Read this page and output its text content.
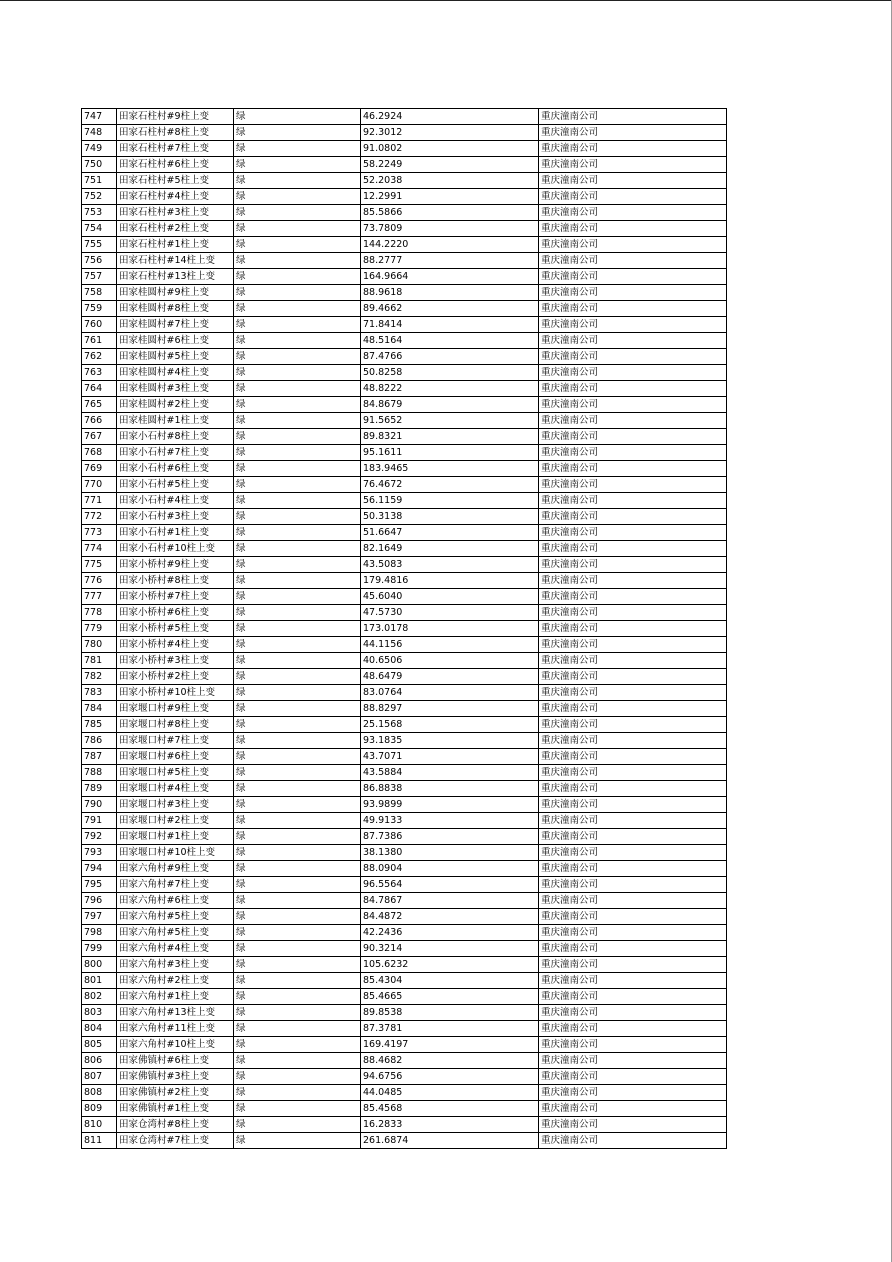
747	田家石柱村#9柱上变	绿	46.2924	重庆潼南公司
748	田家石柱村#8柱上变	绿	92.3012	重庆潼南公司
749	田家石柱村#7柱上变	绿	91.0802	重庆潼南公司
750	田家石柱村#6柱上变	绿	58.2249	重庆潼南公司
751	田家石柱村#5柱上变	绿	52.2038	重庆潼南公司
752	田家石柱村#4柱上变	绿	12.2991	重庆潼南公司
753	田家石柱村#3柱上变	绿	85.5866	重庆潼南公司
754	田家石柱村#2柱上变	绿	73.7809	重庆潼南公司
755	田家石柱村#1柱上变	绿	144.2220	重庆潼南公司
756	田家石柱村#14柱上变	绿	88.2777	重庆潼南公司
757	田家石柱村#13柱上变	绿	164.9664	重庆潼南公司
758	田家桂圆村#9柱上变	绿	88.9618	重庆潼南公司
759	田家桂圆村#8柱上变	绿	89.4662	重庆潼南公司
760	田家桂圆村#7柱上变	绿	71.8414	重庆潼南公司
761	田家桂圆村#6柱上变	绿	48.5164	重庆潼南公司
762	田家桂圆村#5柱上变	绿	87.4766	重庆潼南公司
763	田家桂圆村#4柱上变	绿	50.8258	重庆潼南公司
764	田家桂圆村#3柱上变	绿	48.8222	重庆潼南公司
765	田家桂圆村#2柱上变	绿	84.8679	重庆潼南公司
766	田家桂圆村#1柱上变	绿	91.5652	重庆潼南公司
767	田家小石村#8柱上变	绿	89.8321	重庆潼南公司
768	田家小石村#7柱上变	绿	95.1611	重庆潼南公司
769	田家小石村#6柱上变	绿	183.9465	重庆潼南公司
770	田家小石村#5柱上变	绿	76.4672	重庆潼南公司
771	田家小石村#4柱上变	绿	56.1159	重庆潼南公司
772	田家小石村#3柱上变	绿	50.3138	重庆潼南公司
773	田家小石村#1柱上变	绿	51.6647	重庆潼南公司
774	田家小石村#10柱上变	绿	82.1649	重庆潼南公司
775	田家小桥村#9柱上变	绿	43.5083	重庆潼南公司
776	田家小桥村#8柱上变	绿	179.4816	重庆潼南公司
777	田家小桥村#7柱上变	绿	45.6040	重庆潼南公司
778	田家小桥村#6柱上变	绿	47.5730	重庆潼南公司
779	田家小桥村#5柱上变	绿	173.0178	重庆潼南公司
780	田家小桥村#4柱上变	绿	44.1156	重庆潼南公司
781	田家小桥村#3柱上变	绿	40.6506	重庆潼南公司
782	田家小桥村#2柱上变	绿	48.6479	重庆潼南公司
783	田家小桥村#10柱上变	绿	83.0764	重庆潼南公司
784	田家堰口村#9柱上变	绿	88.8297	重庆潼南公司
785	田家堰口村#8柱上变	绿	25.1568	重庆潼南公司
786	田家堰口村#7柱上变	绿	93.1835	重庆潼南公司
787	田家堰口村#6柱上变	绿	43.7071	重庆潼南公司
788	田家堰口村#5柱上变	绿	43.5884	重庆潼南公司
789	田家堰口村#4柱上变	绿	86.8838	重庆潼南公司
790	田家堰口村#3柱上变	绿	93.9899	重庆潼南公司
791	田家堰口村#2柱上变	绿	49.9133	重庆潼南公司
792	田家堰口村#1柱上变	绿	87.7386	重庆潼南公司
793	田家堰口村#10柱上变	绿	38.1380	重庆潼南公司
794	田家六角村#9柱上变	绿	88.0904	重庆潼南公司
795	田家六角村#7柱上变	绿	96.5564	重庆潼南公司
796	田家六角村#6柱上变	绿	84.7867	重庆潼南公司
797	田家六角村#5柱上变	绿	84.4872	重庆潼南公司
798	田家六角村#5柱上变	绿	42.2436	重庆潼南公司
799	田家六角村#4柱上变	绿	90.3214	重庆潼南公司
800	田家六角村#3柱上变	绿	105.6232	重庆潼南公司
801	田家六角村#2柱上变	绿	85.4304	重庆潼南公司
802	田家六角村#1柱上变	绿	85.4665	重庆潼南公司
803	田家六角村#13柱上变	绿	89.8538	重庆潼南公司
804	田家六角村#11柱上变	绿	87.3781	重庆潼南公司
805	田家六角村#10柱上变	绿	169.4197	重庆潼南公司
806	田家佛镇村#6柱上变	绿	88.4682	重庆潼南公司
807	田家佛镇村#3柱上变	绿	94.6756	重庆潼南公司
808	田家佛镇村#2柱上变	绿	44.0485	重庆潼南公司
809	田家佛镇村#1柱上变	绿	85.4568	重庆潼南公司
810	田家仓湾村#8柱上变	绿	16.2833	重庆潼南公司
811	田家仓湾村#7柱上变	绿	261.6874	重庆潼南公司
